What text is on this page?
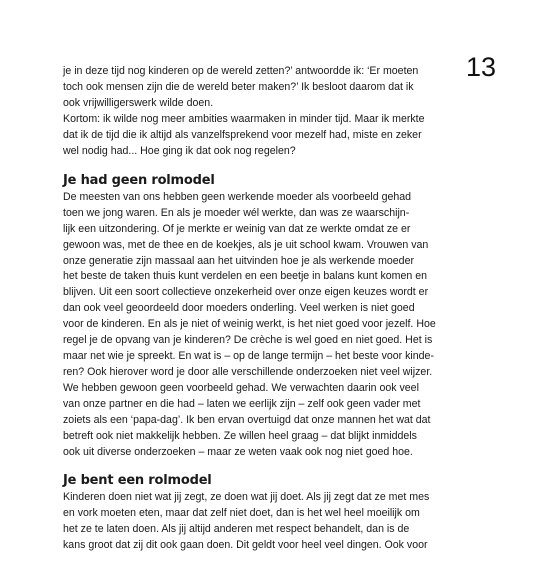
13

je in deze tijd nog kinderen op de wereld zetten?’ antwoordde ik: ‘Er moeten
toch ook mensen zijn die de wereld beter maken?’ Ik besloot daarom dat ik
ook vrijwilligerswerk wilde doen.
Kortom: ik wilde nog meer ambities waarmaken in minder tijd. Maar ik merkte
dat ik de tijd die ik altijd als vanzelfsprekend voor mezelf had, miste en zeker
wel nodig had... Hoe ging ik dat ook nog regelen?

Je had geen rolmodel

De meesten van ons hebben geen werkende moeder als voorbeeld gehad
toen we jong waren. En als je moeder wél werkte, dan was ze waarschijn-
lijk een uitzondering. Of je merkte er weinig van dat ze werkte omdat ze er
gewoon was, met de thee en de koekjes, als je uit school kwam. Vrouwen van
onze generatie zijn massaal aan het uitvinden hoe je als werkende moeder
het beste de taken thuis kunt verdelen en een beetje in balans kunt komen en
blijven. Uit een soort collectieve onzekerheid over onze eigen keuzes wordt er
dan ook veel geoordeeld door moeders onderling. Veel werken is niet goed
voor de kinderen. En als je niet of weinig werkt, is het niet goed voor jezelf. Hoe
regel je de opvang van je kinderen? De crèche is wel goed en niet goed. Het is
maar net wie je spreekt. En wat is – op de lange termijn – het beste voor kinde-
ren? Ook hierover word je door alle verschillende onderzoeken niet veel wijzer.
We hebben gewoon geen voorbeeld gehad. We verwachten daarin ook veel
van onze partner en die had – laten we eerlijk zijn – zelf ook geen vader met
zoiets als een ‘papa-dag’. Ik ben ervan overtuigd dat onze mannen het wat dat
betreft ook niet makkelijk hebben. Ze willen heel graag – dat blijkt inmiddels
ook uit diverse onderzoeken – maar ze weten vaak ook nog niet goed hoe.

Je bent een rolmodel

Kinderen doen niet wat jij zegt, ze doen wat jij doet. Als jij zegt dat ze met mes
en vork moeten eten, maar dat zelf niet doet, dan is het wel heel moeilijk om
het ze te laten doen. Als jij altijd anderen met respect behandelt, dan is de
kans groot dat zij dit ook gaan doen. Dit geldt voor heel veel dingen. Ook voor
